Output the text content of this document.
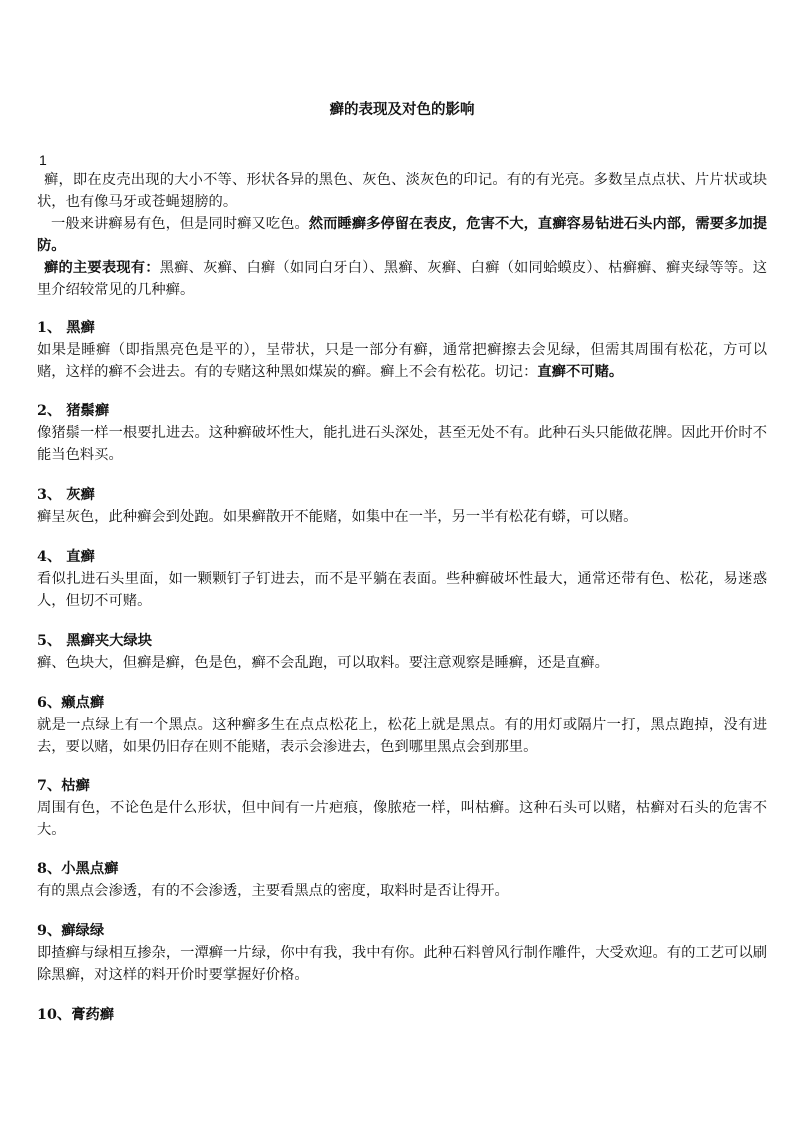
癣的表现及对色的影响
1

癣，即在皮壳出现的大小不等、形状各异的黑色、灰色、淡灰色的印记。有的有光亮。多数呈点点状、片片状或块状，也有像马牙或苍蝇翅膀的。

一般来讲癣易有色，但是同时癣又吃色。然而睡癣多停留在表皮，危害不大，直癣容易钻进石头内部，需要多加提防。

癣的主要表现有：黑癣、灰癣、白癣（如同白牙白）、黑癣、灰癣、白癣（如同蛤蟆皮）、枯癣癣、癣夹绿等等。这里介绍较常见的几种癣。

1、 黑癣

如果是睡癣（即指黑亮色是平的），呈带状，只是一部分有癣，通常把癣擦去会见绿，但需其周围有松花，方可以赌，这样的癣不会进去。有的专赌这种黑如煤炭的癣。癣上不会有松花。切记：直癣不可赌。

2、 猪鬃癣

像猪鬃一样一根要扎进去。这种癣破坏性大，能扎进石头深处，甚至无处不有。此种石头只能做花牌。因此开价时不能当色料买。

3、 灰癣

癣呈灰色，此种癣会到处跑。如果癣散开不能赌，如集中在一半，另一半有松花有蟒，可以赌。

4、 直癣

看似扎进石头里面，如一颗颗钉子钉进去，而不是平躺在表面。些种癣破坏性最大，通常还带有色、松花，易迷惑人，但切不可赌。

5、 黑癣夹大绿块

癣、色块大，但癣是癣，色是色，癣不会乱跑，可以取料。要注意观察是睡癣，还是直癣。

6、癞点癣

就是一点绿上有一个黑点。这种癣多生在点点松花上，松花上就是黑点。有的用灯或隔片一打，黑点跑掉，没有进去，要以赌，如果仍旧存在则不能赌，表示会渗进去，色到哪里黑点会到那里。

7、枯癣

周围有色，不论色是什么形状，但中间有一片疤痕，像脓疮一样，叫枯癣。这种石头可以赌，枯癣对石头的危害不大。

8、小黑点癣

有的黑点会渗透，有的不会渗透，主要看黑点的密度，取料时是否让得开。

9、癣绿绿

即揸癣与绿相互掺杂，一潭癣一片绿，你中有我，我中有你。此种石料曾风行制作雕件，大受欢迎。有的工艺可以刷除黑癣，对这样的料开价时要掌握好价格。

10、膏药癣
